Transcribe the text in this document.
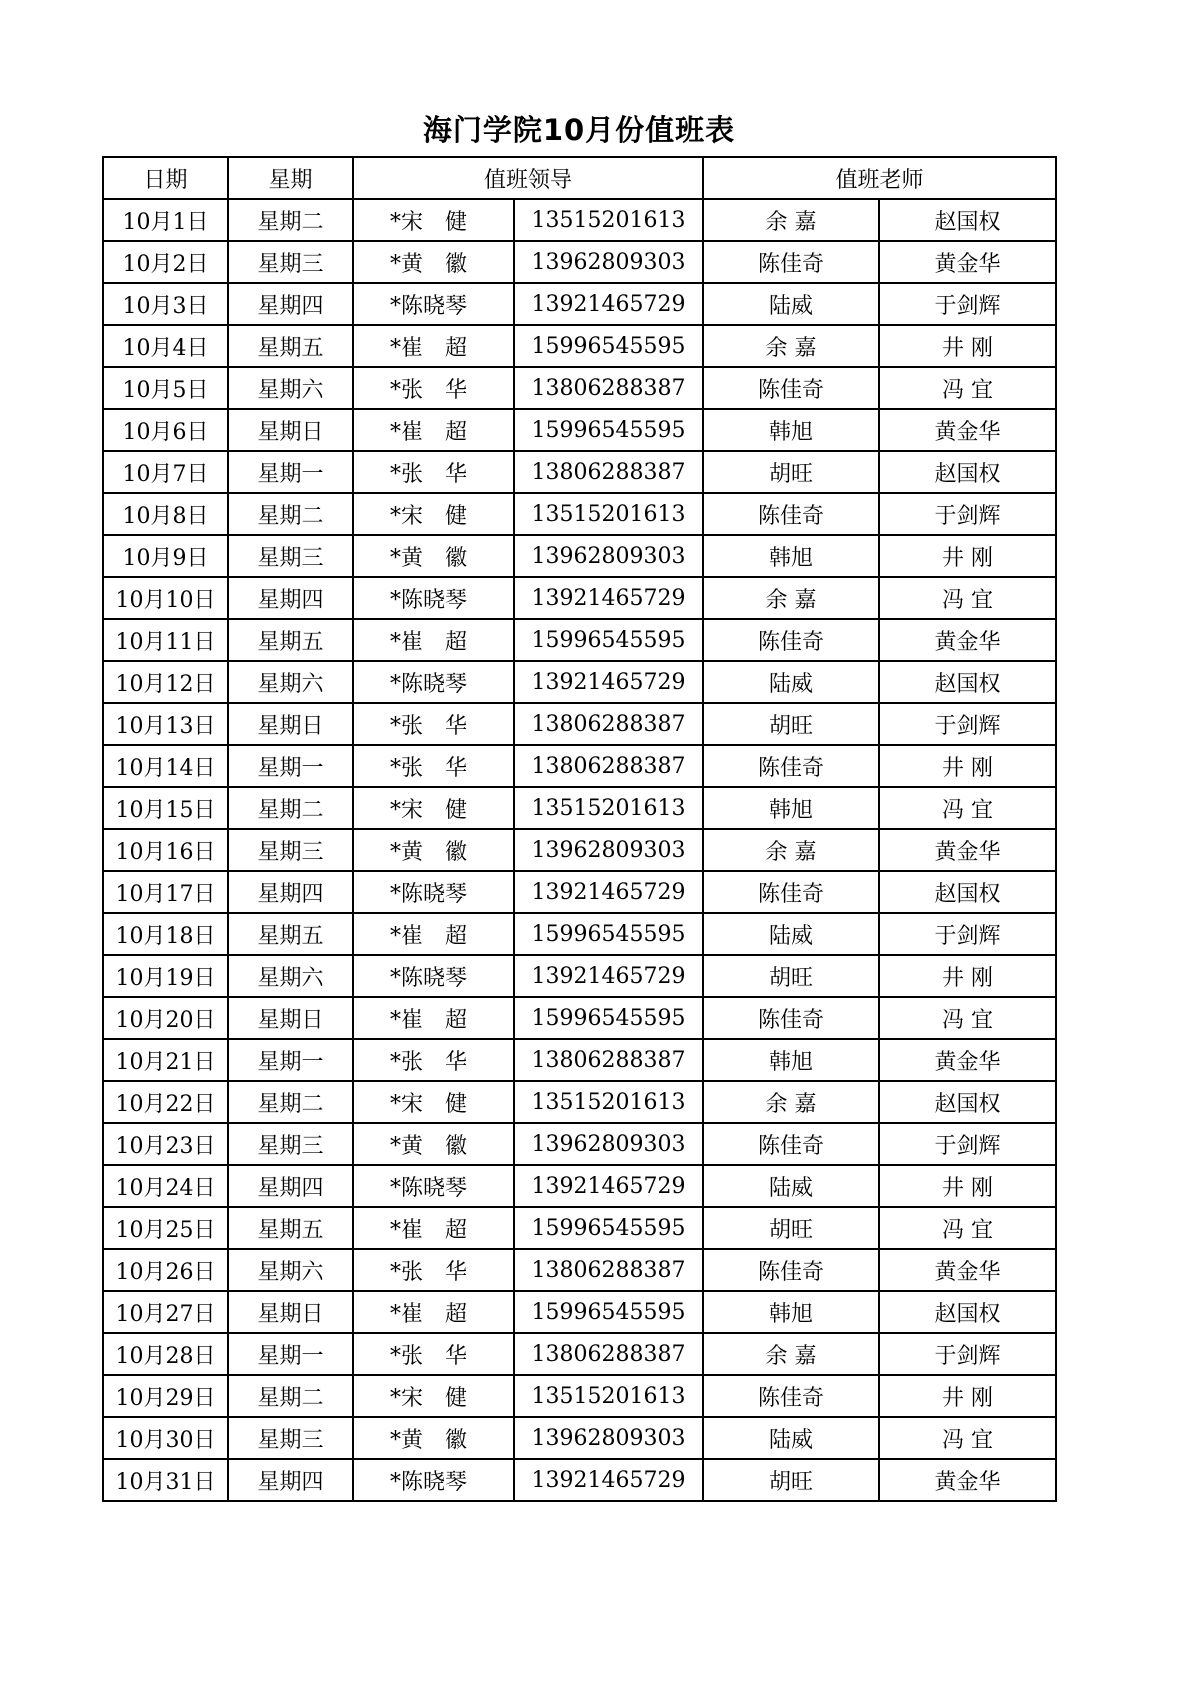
海门学院10月份值班表
日期	星期	值班领导		值班老师	
10月1日	星期二	*宋　健	13515201613	余 嘉	赵国权
10月2日	星期三	*黄　徽	13962809303	陈佳奇	黄金华
10月3日	星期四	*陈晓琴	13921465729	陆威	于剑辉
10月4日	星期五	*崔　超	15996545595	余 嘉	井 刚
10月5日	星期六	*张　华	13806288387	陈佳奇	冯 宜
10月6日	星期日	*崔　超	15996545595	韩旭	黄金华
10月7日	星期一	*张　华	13806288387	胡旺	赵国权
10月8日	星期二	*宋　健	13515201613	陈佳奇	于剑辉
10月9日	星期三	*黄　徽	13962809303	韩旭	井 刚
10月10日	星期四	*陈晓琴	13921465729	余 嘉	冯 宜
10月11日	星期五	*崔　超	15996545595	陈佳奇	黄金华
10月12日	星期六	*陈晓琴	13921465729	陆威	赵国权
10月13日	星期日	*张　华	13806288387	胡旺	于剑辉
10月14日	星期一	*张　华	13806288387	陈佳奇	井 刚
10月15日	星期二	*宋　健	13515201613	韩旭	冯 宜
10月16日	星期三	*黄　徽	13962809303	余 嘉	黄金华
10月17日	星期四	*陈晓琴	13921465729	陈佳奇	赵国权
10月18日	星期五	*崔　超	15996545595	陆威	于剑辉
10月19日	星期六	*陈晓琴	13921465729	胡旺	井 刚
10月20日	星期日	*崔　超	15996545595	陈佳奇	冯 宜
10月21日	星期一	*张　华	13806288387	韩旭	黄金华
10月22日	星期二	*宋　健	13515201613	余 嘉	赵国权
10月23日	星期三	*黄　徽	13962809303	陈佳奇	于剑辉
10月24日	星期四	*陈晓琴	13921465729	陆威	井 刚
10月25日	星期五	*崔　超	15996545595	胡旺	冯 宜
10月26日	星期六	*张　华	13806288387	陈佳奇	黄金华
10月27日	星期日	*崔　超	15996545595	韩旭	赵国权
10月28日	星期一	*张　华	13806288387	余 嘉	于剑辉
10月29日	星期二	*宋　健	13515201613	陈佳奇	井 刚
10月30日	星期三	*黄　徽	13962809303	陆威	冯 宜
10月31日	星期四	*陈晓琴	13921465729	胡旺	黄金华
